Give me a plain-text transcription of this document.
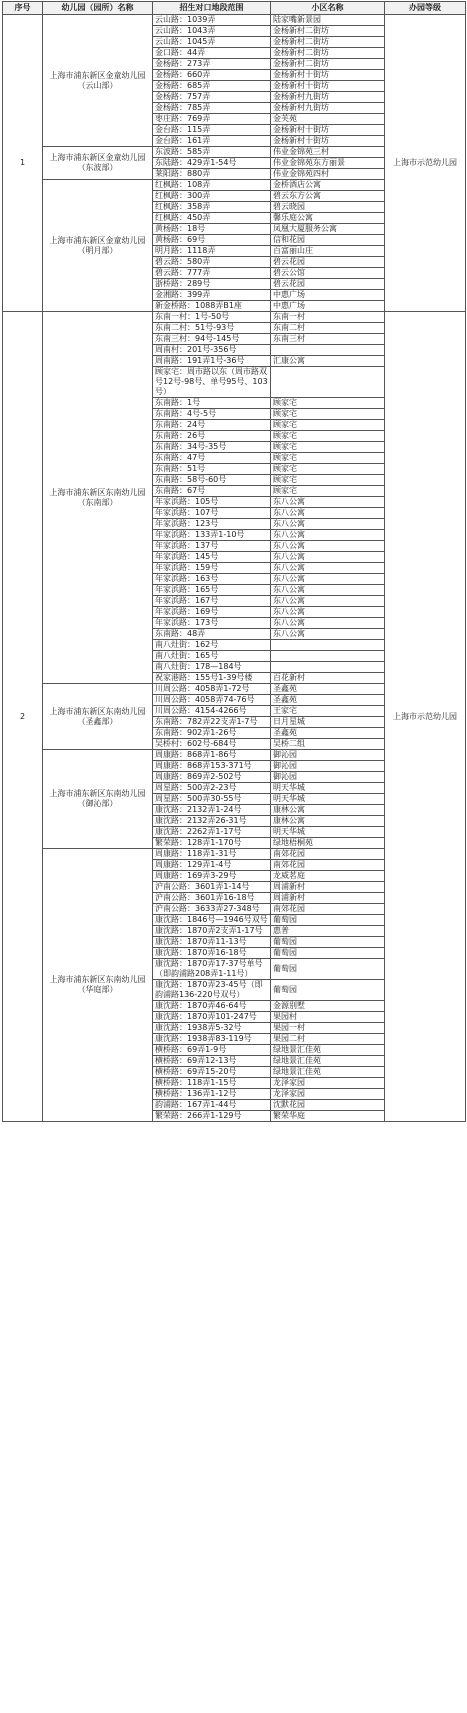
序号	幼儿园（园所）名称	招生对口地段范围	小区名称	办园等级
1	上海市浦东新区金童幼儿园（云山部）	云山路：1039弄	陆家嘴新景园	上海市示范幼儿园
		云山路：1043弄	金杨新村二街坊	
		云山路：1045弄	金杨新村二街坊	
		金口路：44弄	金杨新村二街坊	
		金杨路：273弄	金杨新村二街坊	
		金杨路：660弄	金杨新村十街坊	
		金杨路：685弄	金杨新村十街坊	
		金杨路：757弄	金杨新村九街坊	
		金杨路：785弄	金杨新村九街坊	
		枣庄路：769弄	金芙苑	
		金台路：115弄	金杨新村十街坊	
		金台路：161弄	金杨新村十街坊	
	上海市浦东新区金童幼儿园（东波部）	东波路：585弄	伟业金锦苑三村	
		东陆路：429弄1-54号	伟业金锦苑东方丽景	
		莱阳路：880弄	伟业金锦苑四村	
	上海市浦东新区金童幼儿园（明月部）	红枫路：108弄	金桥酒店公寓	
		红枫路：300弄	碧云东方公寓	
		红枫路：358弄	碧云晓园	
		红枫路：450弄	馨乐庭公寓	
		黄杨路：18号	凤凰大厦服务公寓	
		黄杨路：69号	信和花园	
		明月路：1118弄	百富丽山庄	
		碧云路：580弄	碧云花园	
		碧云路：777弄	碧云公馆	
		浙桥路：289号	碧云花园	
		金湘路：399弄	中惠广场	
		新金桥路：1088弄B1座	中惠广场	
2	上海市浦东新区东南幼儿园（东南部）	东南一村：1号-50号	东南一村	上海市示范幼儿园
		东南二村：51号-93号	东南二村	
		东南三村：94号-145号	东南三村	
		周南村：201号-356号		
		周南路：191弄1号-36号	汇康公寓	
		顾家宅：周市路以东（周市路双号12号-98号、单号95号、103号）		
		东南路：1号	顾家宅	
		东南路：4号-5号	顾家宅	
		东南路：24号	顾家宅	
		东南路：26号	顾家宅	
		东南路：34号-35号	顾家宅	
		东南路：47号	顾家宅	
		东南路：51号	顾家宅	
		东南路：58号-60号	顾家宅	
		东南路：67号	顾家宅	
		年家浜路：105号	东八公寓	
		年家浜路：107号	东八公寓	
		年家浜路：123号	东八公寓	
		年家浜路：133弄1-10号	东八公寓	
		年家浜路：137号	东八公寓	
		年家浜路：145号	东八公寓	
		年家浜路：159号	东八公寓	
		年家浜路：163号	东八公寓	
		年家浜路：165号	东八公寓	
		年家浜路：167号	东八公寓	
		年家浜路：169号	东八公寓	
		年家浜路：173号	东八公寓	
		东南路：48弄	东八公寓	
		南八灶街：162号		
		南八灶街：165号		
		南八灶街：178—184号		
		祝家港路：155号1-39号楼	百花新村	
	上海市浦东新区东南幼儿园（圣鑫部）	川周公路：4058弄1-72号	圣鑫苑	
		川周公路：4058弄74-76号	圣鑫苑	
		川周公路：4154-4266号	王家宅	
		东南路：782弄22支弄1-7号	日月星城	
		东南路：902弄1-26号	圣鑫苑	
		吴桥村：602号-684号	吴桥二组	
	上海市浦东新区东南幼儿园（御沁部）	周康路：868弄1-86号	御沁园	
		周康路：868弄153-371号	御沁园	
		周康路：869弄2-502号	御沁园	
		周星路：500弄2-23号	明天华城	
		周星路：500弄30-55号	明天华城	
		康沈路：2132弄1-24号	康林公寓	
		康沈路：2132弄26-31号	康林公寓	
		康沈路：2262弄1-17号	明天华城	
		繁荣路：128弄1-170号	绿地梧桐苑	
	上海市浦东新区东南幼儿园（华庭部）	周康路：118弄1-31号	南郊花园	
		周康路：129弄1-4号	南郊花园	
		周康路：169弄3-29号	龙威茗庭	
		沪南公路：3601弄1-14号	周浦新村	
		沪南公路：3601弄16-18号	周浦新村	
		沪南公路：3633弄27-348号	南郊花园	
		康沈路：1846号—1946号双号	葡萄园	
		康沈路：1870弄2支弄1-17号	惠普	
		康沈路：1870弄11-13号	葡萄园	
		康沈路：1870弄16-18号	葡萄园	
		康沈路：1870弄17-37号单号（即韵浦路208弄1-11号）	葡萄园	
		康沈路：1870弄23-45号（即韵浦路136-220号双号）	葡萄园	
		康沈路：1870弄46-64号	金源别墅	
		康沈路：1870弄101-247号	果园村	
		康沈路：1938弄5-32号	果园一村	
		康沈路：1938弄83-119号	果园二村	
		横桥路：69弄1-9号	绿地景汇佳苑	
		横桥路：69弄12-13号	绿地景汇佳苑	
		横桥路：69弄15-20号	绿地景汇佳苑	
		横桥路：118弄1-15号	龙泽家园	
		横桥路：136弄1-12号	龙泽家园	
		韵浦路：167弄1-44号	沈默花园	
		繁荣路：266弄1-129号	繁荣华庭	
